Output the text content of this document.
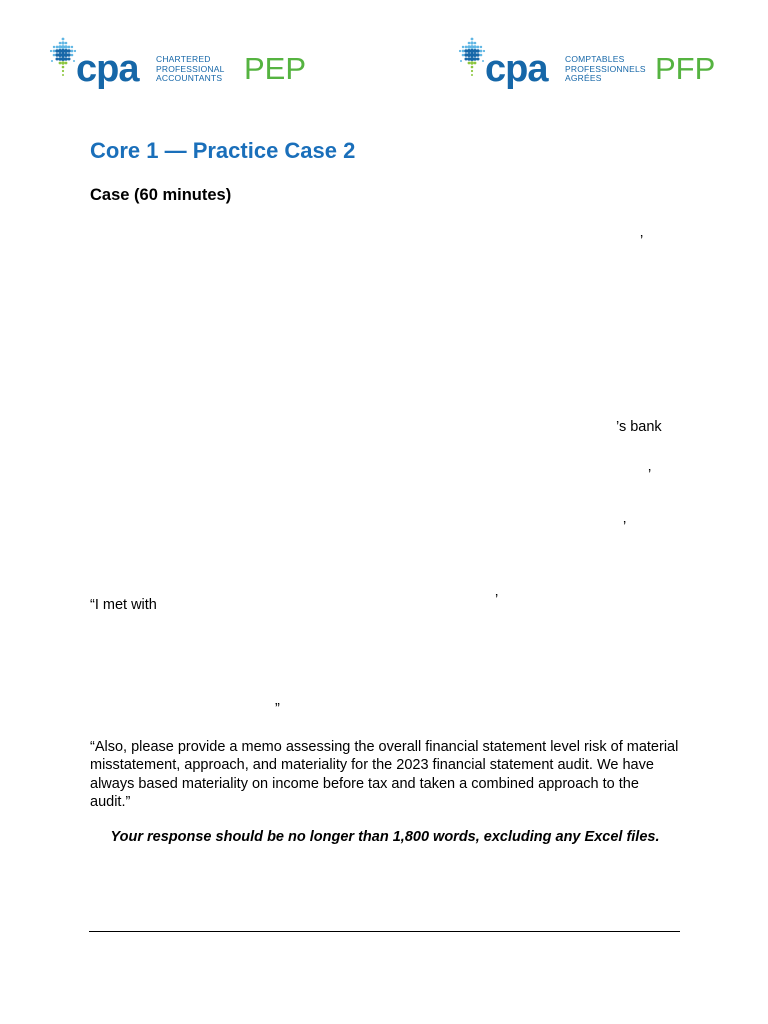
cpa CHARTERED
PROFESSIONAL
ACCOUNTANTS PEP	cpa COMPTABLES
PROFESSIONNELS
AGRÉES	PFP
Core 1 — Practice Case 2
Case (60 minutes)
’
’s bank
’
’
“I met with	’
”

“Also, please provide a memo assessing the overall financial statement level risk of material misstatement, approach, and materiality for the 2023 financial statement audit. We have always based materiality on income before tax and taken a combined approach to the audit.”

Your response should be no longer than 1,800 words, excluding any Excel files.
